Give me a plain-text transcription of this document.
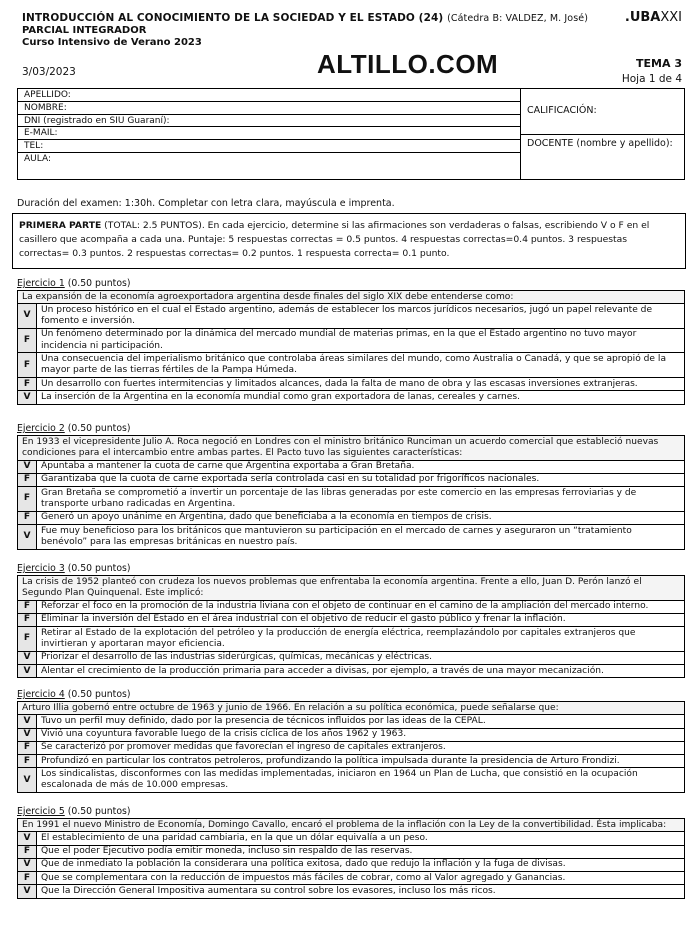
INTRODUCCIÓN AL CONOCIMIENTO DE LA SOCIEDAD Y EL ESTADO (24) (Cátedra B: VALDEZ, M. José)
PARCIAL INTEGRADOR
Curso Intensivo de Verano 2023
.UBAXXI
3/03/2023	ALTILLO.COM	TEMA 3
Hoja 1 de 4
APELLIDO:
NOMBRE:
DNI (registrado en SIU Guaraní):
E-MAIL:
TEL:
AULA:
CALIFICACIÓN:
DOCENTE (nombre y apellido):
Duración del examen: 1:30h. Completar con letra clara, mayúscula e imprenta.
PRIMERA PARTE (TOTAL: 2.5 PUNTOS). En cada ejercicio, determine si las afirmaciones son verdaderas o falsas, escribiendo V o F en el casillero que acompaña a cada una. Puntaje: 5 respuestas correctas = 0.5 puntos. 4 respuestas correctas=0.4 puntos. 3 respuestas correctas= 0.3 puntos. 2 respuestas correctas= 0.2 puntos. 1 respuesta correcta= 0.1 punto.
Ejercicio 1 (0.50 puntos)
La expansión de la economía agroexportadora argentina desde finales del siglo XIX debe entenderse como:	
V	Un proceso histórico en el cual el Estado argentino, además de establecer los marcos jurídicos necesarios, jugó un papel relevante de fomento e inversión.
F	Un fenómeno determinado por la dinámica del mercado mundial de materias primas, en la que el Estado argentino no tuvo mayor incidencia ni participación.
F	Una consecuencia del imperialismo británico que controlaba áreas similares del mundo, como Australia o Canadá, y que se apropió de la mayor parte de las tierras fértiles de la Pampa Húmeda.
F	Un desarrollo con fuertes intermitencias y limitados alcances, dada la falta de mano de obra y las escasas inversiones extranjeras.
V	La inserción de la Argentina en la economía mundial como gran exportadora de lanas, cereales y carnes.
Ejercicio 2 (0.50 puntos)
En 1933 el vicepresidente Julio A. Roca negoció en Londres con el ministro británico Runciman un acuerdo comercial que estableció nuevas condiciones para el intercambio entre ambas partes. El Pacto tuvo las siguientes características:	
V	Apuntaba a mantener la cuota de carne que Argentina exportaba a Gran Bretaña.
F	Garantizaba que la cuota de carne exportada sería controlada casi en su totalidad por frigoríficos nacionales.
F	Gran Bretaña se comprometió a invertir un porcentaje de las libras generadas por este comercio en las empresas ferroviarias y de transporte urbano radicadas en Argentina.
F	Generó un apoyo unánime en Argentina, dado que beneficiaba a la economía en tiempos de crisis.
V	Fue muy beneficioso para los británicos que mantuvieron su participación en el mercado de carnes y aseguraron un “tratamiento benévolo” para las empresas británicas en nuestro país.
Ejercicio 3 (0.50 puntos)
La crisis de 1952 planteó con crudeza los nuevos problemas que enfrentaba la economía argentina. Frente a ello, Juan D. Perón lanzó el Segundo Plan Quinquenal. Este implicó:	
F	Reforzar el foco en la promoción de la industria liviana con el objeto de continuar en el camino de la ampliación del mercado interno.
F	Eliminar la inversión del Estado en el área industrial con el objetivo de reducir el gasto público y frenar la inflación.
F	Retirar al Estado de la explotación del petróleo y la producción de energía eléctrica, reemplazándolo por capitales extranjeros que invirtieran y aportaran mayor eficiencia.
V	Priorizar el desarrollo de las industrias siderúrgicas, químicas, mecánicas y eléctricas.
V	Alentar el crecimiento de la producción primaria para acceder a divisas, por ejemplo, a través de una mayor mecanización.
Ejercicio 4 (0.50 puntos)
Arturo Illia gobernó entre octubre de 1963 y junio de 1966. En relación a su política económica, puede señalarse que:	
V	Tuvo un perfil muy definido, dado por la presencia de técnicos influidos por las ideas de la CEPAL.
V	Vivió una coyuntura favorable luego de la crisis cíclica de los años 1962 y 1963.
F	Se caracterizó por promover medidas que favorecían el ingreso de capitales extranjeros.
F	Profundizó en particular los contratos petroleros, profundizando la política impulsada durante la presidencia de Arturo Frondizi.
V	Los sindicalistas, disconformes con las medidas implementadas, iniciaron en 1964 un Plan de Lucha, que consistió en la ocupación escalonada de más de 10.000 empresas.
Ejercicio 5 (0.50 puntos)
En 1991 el nuevo Ministro de Economía, Domingo Cavallo, encaró el problema de la inflación con la Ley de la convertibilidad. Ésta implicaba:	
V	El establecimiento de una paridad cambiaria, en la que un dólar equivalía a un peso.
F	Que el poder Ejecutivo podía emitir moneda, incluso sin respaldo de las reservas.
V	Que de inmediato la población la considerara una política exitosa, dado que redujo la inflación y la fuga de divisas.
F	Que se complementara con la reducción de impuestos más fáciles de cobrar, como al Valor agregado y Ganancias.
V	Que la Dirección General Impositiva aumentara su control sobre los evasores, incluso los más ricos.
